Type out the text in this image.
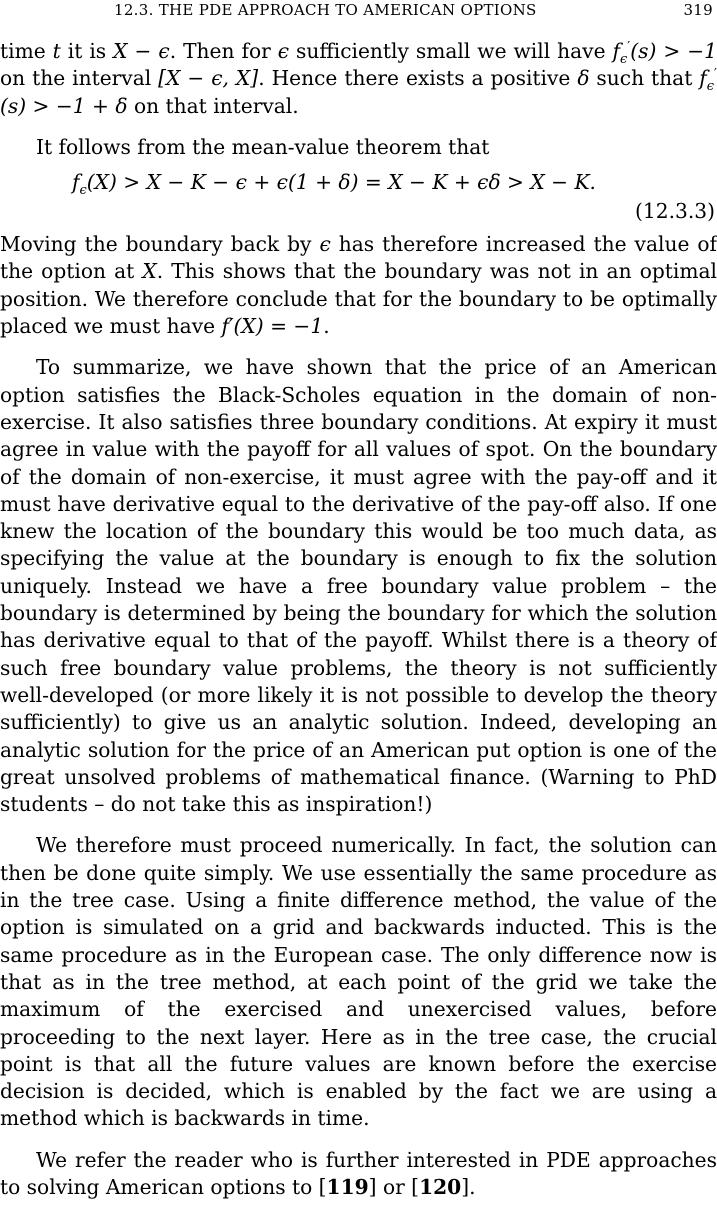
12.3. THE PDE APPROACH TO AMERICAN OPTIONS	319

time t it is X − ϵ. Then for ϵ sufficiently small we will have $f_\epsilon'(s) > -1$ on the interval [X − ϵ, X]. Hence there exists a positive δ such that $f_\epsilon'(s) > -1 + \delta$ on that interval.

It follows from the mean-value theorem that

$f_\epsilon(X) > X - K - \epsilon + \epsilon(1 + \delta) = X - K + \epsilon\delta > X - K$.
(12.3.3)

Moving the boundary back by ϵ has therefore increased the value of the option at X. This shows that the boundary was not in an optimal position. We therefore conclude that for the boundary to be optimally placed we must have f′(X) = −1.

To summarize, we have shown that the price of an American option satisfies the Black-Scholes equation in the domain of non-exercise. It also satisfies three boundary conditions. At expiry it must agree in value with the payoff for all values of spot. On the boundary of the domain of non-exercise, it must agree with the pay-off and it must have derivative equal to the derivative of the pay-off also. If one knew the location of the boundary this would be too much data, as specifying the value at the boundary is enough to fix the solution uniquely. Instead we have a free boundary value problem – the boundary is determined by being the boundary for which the solution has derivative equal to that of the payoff. Whilst there is a theory of such free boundary value problems, the theory is not sufficiently well-developed (or more likely it is not possible to develop the theory sufficiently) to give us an analytic solution. Indeed, developing an analytic solution for the price of an American put option is one of the great unsolved problems of mathematical finance. (Warning to PhD students – do not take this as inspiration!)

We therefore must proceed numerically. In fact, the solution can then be done quite simply. We use essentially the same procedure as in the tree case. Using a finite difference method, the value of the option is simulated on a grid and backwards inducted. This is the same procedure as in the European case. The only difference now is that as in the tree method, at each point of the grid we take the maximum of the exercised and unexercised values, before proceeding to the next layer. Here as in the tree case, the crucial point is that all the future values are known before the exercise decision is decided, which is enabled by the fact we are using a method which is backwards in time.

We refer the reader who is further interested in PDE approaches to solving American options to [119] or [120].
